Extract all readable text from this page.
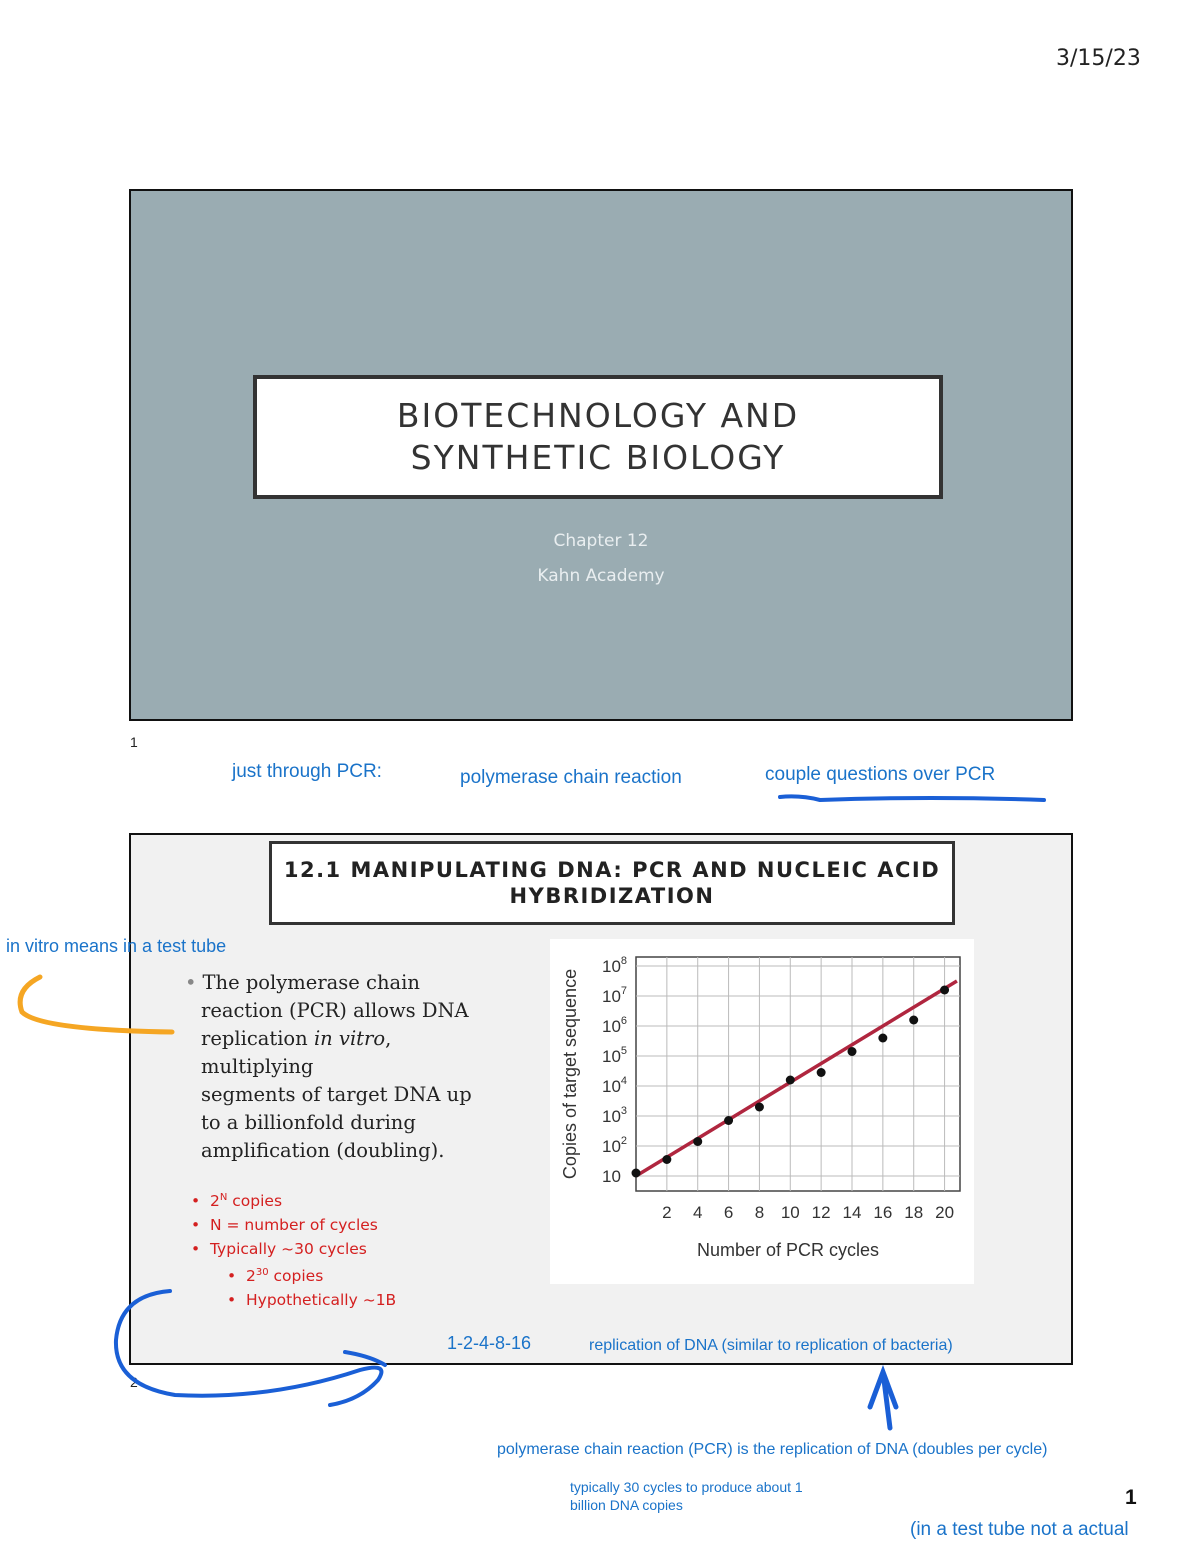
3/15/23
BIOTECHNOLOGY AND
SYNTHETIC BIOLOGY
Chapter 12
Kahn Academy
1
just through PCR:	polymerase chain reaction	couple questions over PCR
12.1 MANIPULATING DNA: PCR AND NUCLEIC ACID
HYBRIDIZATION
• The polymerase chain
reaction (PCR) allows DNA
replication in vitro, multiplying
segments of target DNA up
to a billionfold during
amplification (doubling).
•  $2^N$ copies
•  N = number of cycles
•  Typically ~30 cycles
•  $2^{30}$ copies
•  Hypothetically ~1B
2 4 6 8 10 12 14 16 18 20
10
$10^2$
$10^3$
$10^4$
$10^5$
$10^6$
$10^7$
$10^8$
Number of PCR cycles
Copies of target sequence
2
in vitro means in a test tube
1-2-4-8-16	replication of DNA (similar to replication of bacteria)
polymerase chain reaction (PCR) is the replication of DNA (doubles per cycle)
typically 30 cycles to produce about 1
billion DNA copies
(in a test tube not a actual
1
